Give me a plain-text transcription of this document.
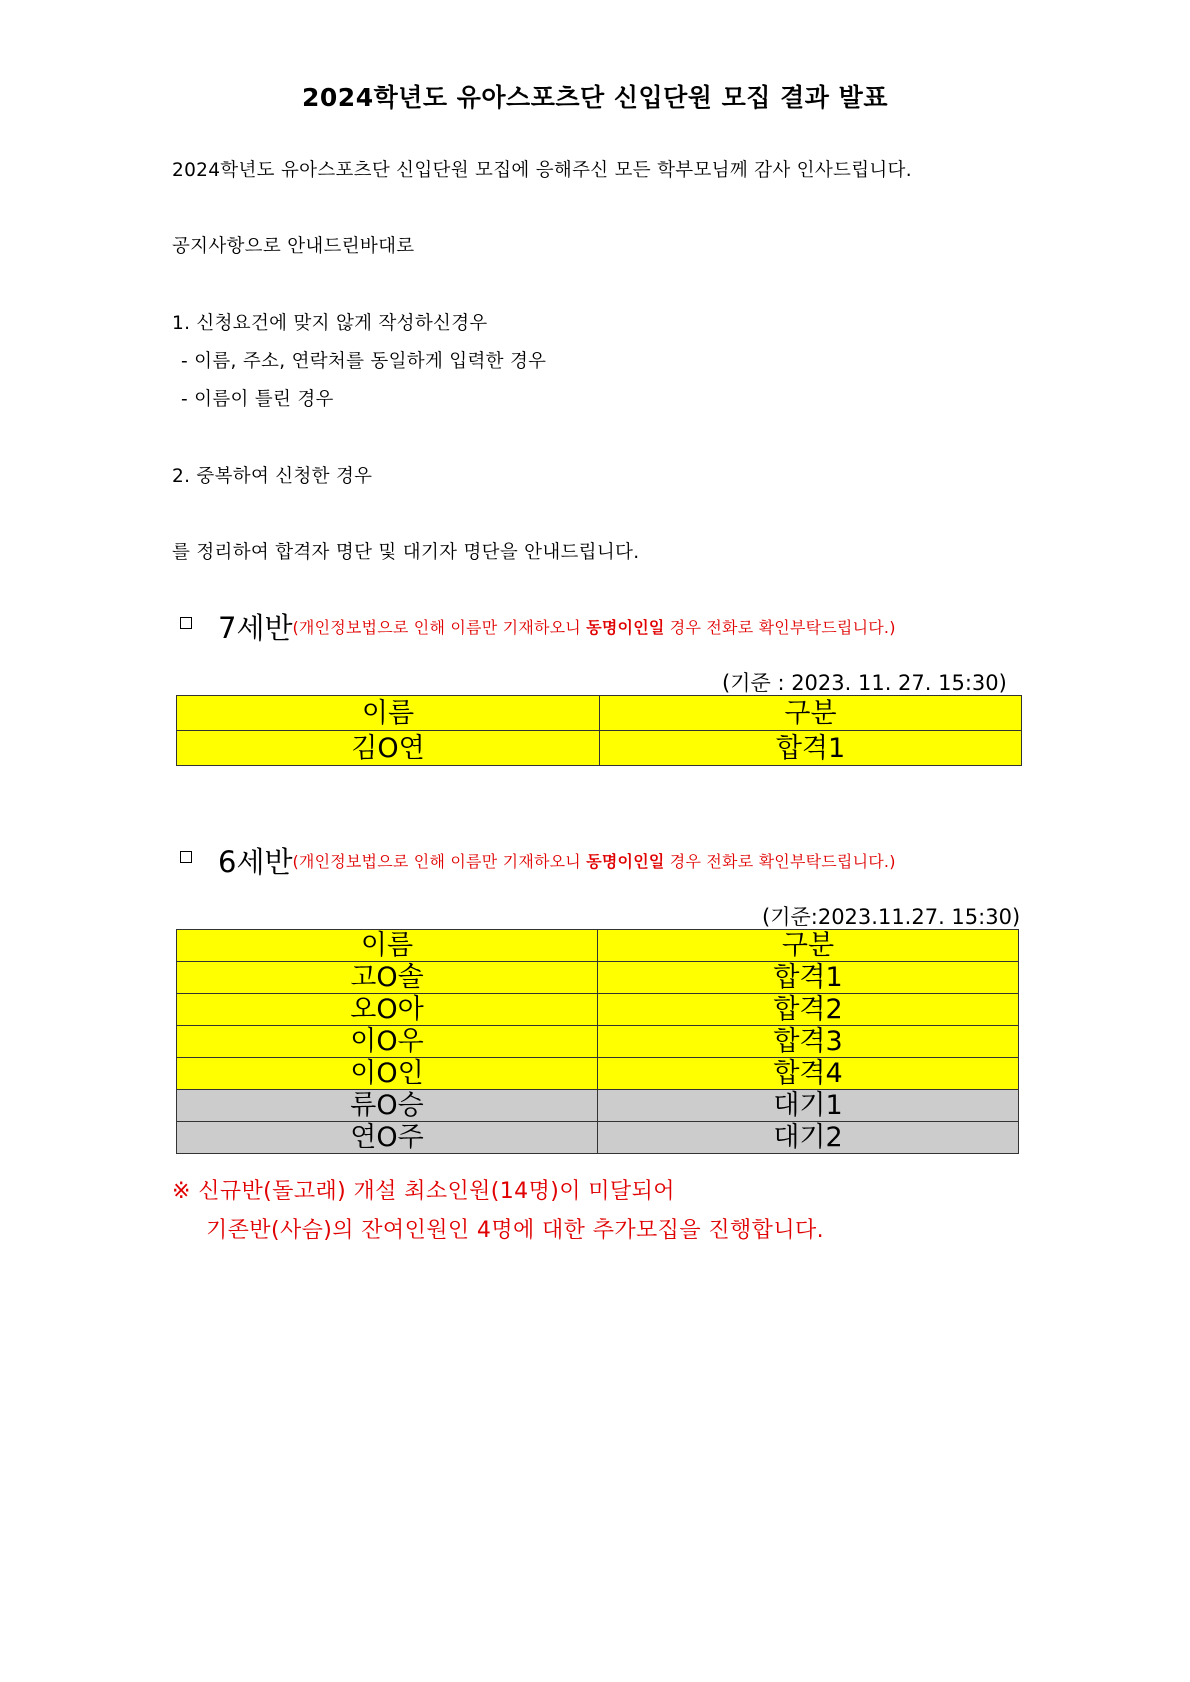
2024학년도 유아스포츠단 신입단원 모집 결과 발표
2024학년도 유아스포츠단 신입단원 모집에 응해주신 모든 학부모님께 감사 인사드립니다.
공지사항으로 안내드린바대로
1. 신청요건에 맞지 않게 작성하신경우
- 이름, 주소, 연락처를 동일하게 입력한 경우
- 이름이 틀린 경우
2. 중복하여 신청한 경우
를 정리하여 합격자 명단 및 대기자 명단을 안내드립니다.
7세반(개인정보법으로 인해 이름만 기재하오니 동명이인일 경우 전화로 확인부탁드립니다.)
(기준 : 2023. 11. 27. 15:30)
이름	구분
김O연	합격1
6세반(개인정보법으로 인해 이름만 기재하오니 동명이인일 경우 전화로 확인부탁드립니다.)
(기준:2023.11.27. 15:30)
이름	구분
고O솔	합격1
오O아	합격2
이O우	합격3
이O인	합격4
류O승	대기1
연O주	대기2
※ 신규반(돌고래) 개설 최소인원(14명)이 미달되어
기존반(사슴)의 잔여인원인 4명에 대한 추가모집을 진행합니다.
